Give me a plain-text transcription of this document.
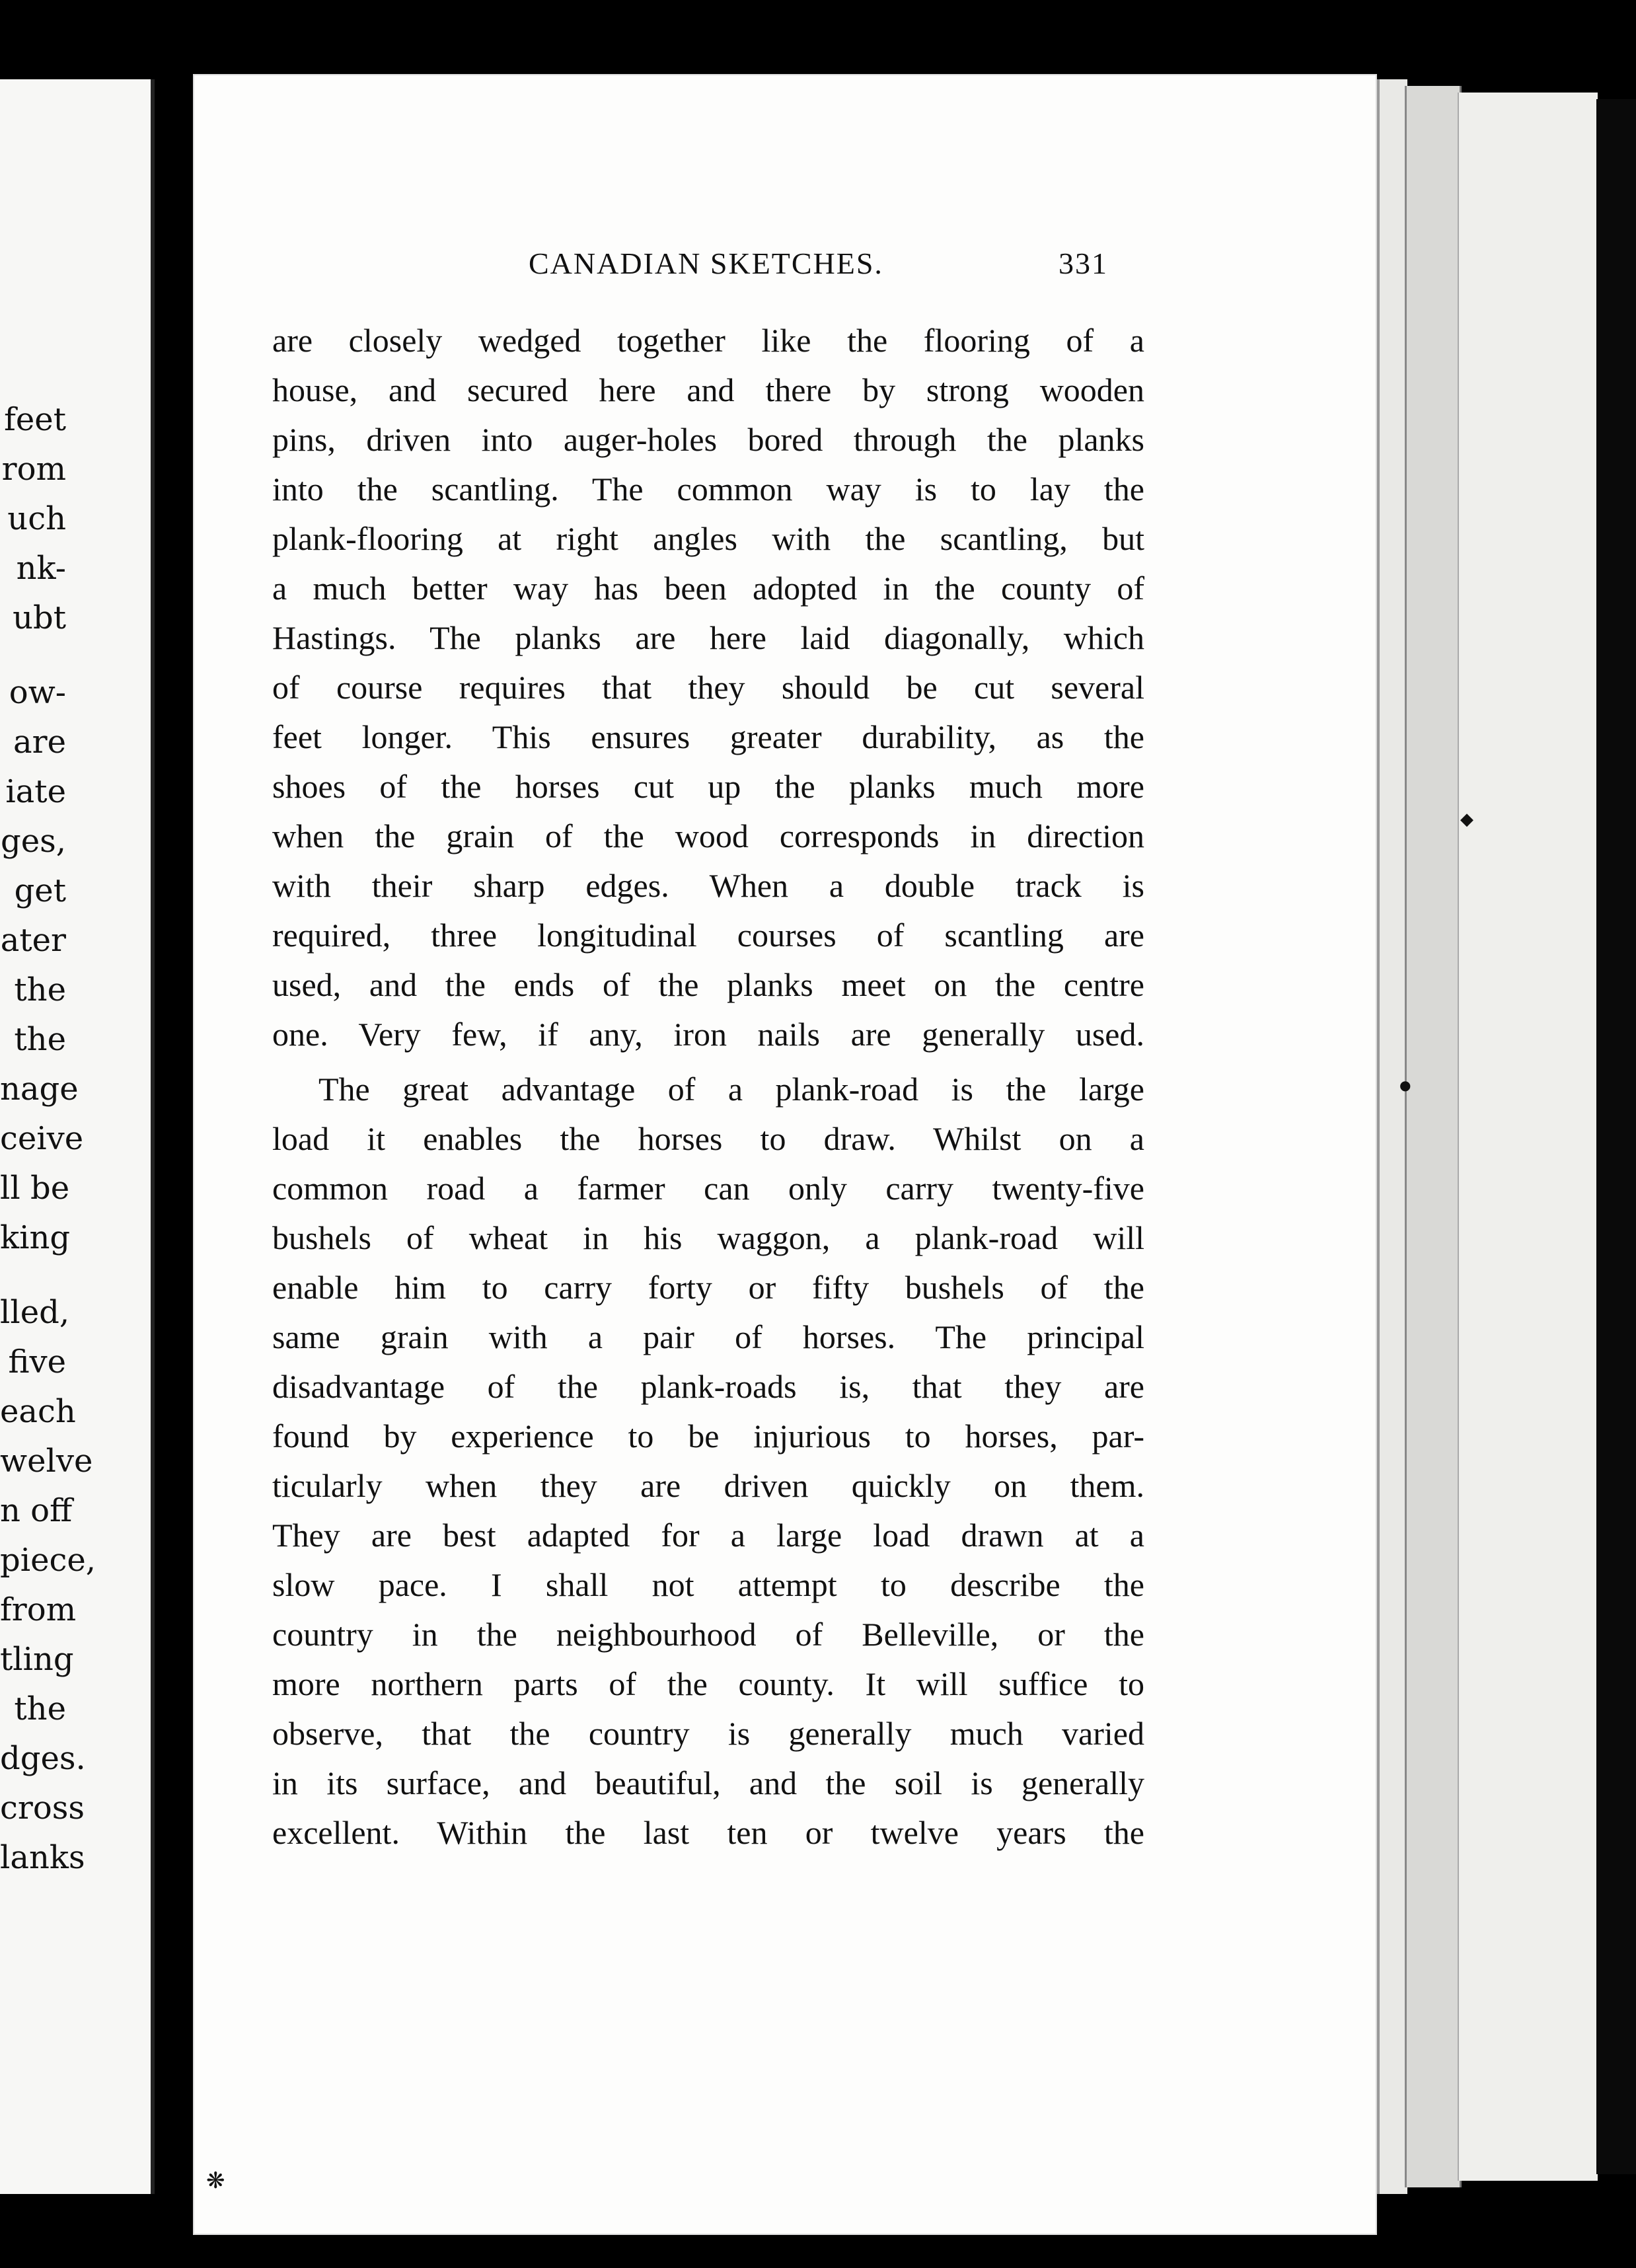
feet
rom
uch
nk-
ubt
ow-
are
iate
ges,
get
ater
the
the
nage
ceive
ll be
king
lled,
five
each
welve
n off
piece,
from
tling
the
dges.
cross
lanks
CANADIAN SKETCHES.	331
are closely wedged together like the flooring of a
house, and secured here and there by strong wooden
pins, driven into auger-holes bored through the planks
into the scantling. The common way is to lay the
plank-flooring at right angles with the scantling, but
a much better way has been adopted in the county of
Hastings. The planks are here laid diagonally, which
of course requires that they should be cut several
feet longer. This ensures greater durability, as the
shoes of the horses cut up the planks much more
when the grain of the wood corresponds in direction
with their sharp edges. When a double track is
required, three longitudinal courses of scantling are
used, and the ends of the planks meet on the centre
one. Very few, if any, iron nails are generally used.
The great advantage of a plank-road is the large
load it enables the horses to draw. Whilst on a
common road a farmer can only carry twenty-five
bushels of wheat in his waggon, a plank-road will
enable him to carry forty or fifty bushels of the
same grain with a pair of horses. The principal
disadvantage of the plank-roads is, that they are
found by experience to be injurious to horses, par-
ticularly when they are driven quickly on them.
They are best adapted for a large load drawn at a
slow pace. I shall not attempt to describe the
country in the neighbourhood of Belleville, or the
more northern parts of the county. It will suffice to
observe, that the country is generally much varied
in its surface, and beautiful, and the soil is generally
excellent. Within the last ten or twelve years the
◆
●
❋
